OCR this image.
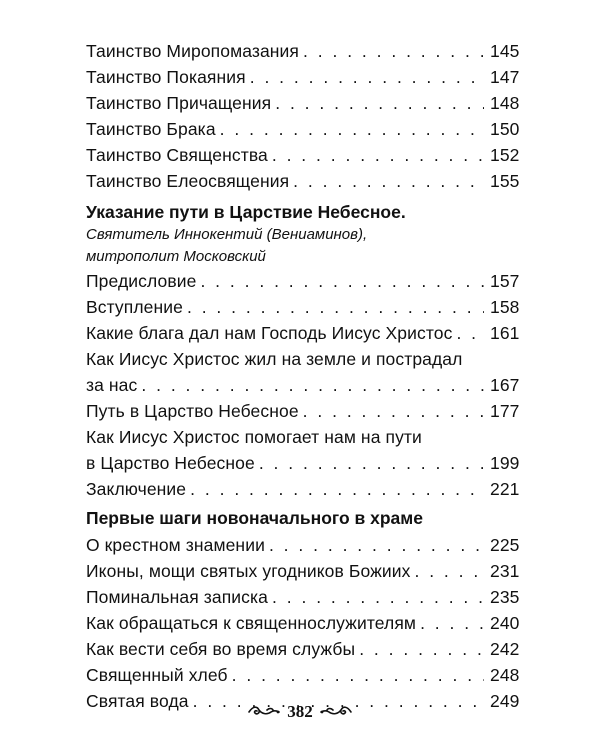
Таинство Миропомазания . . .	145
Таинство Покаяния . . .	147
Таинство Причащения . . .	148
Таинство Брака . . .	150
Таинство Священства . . .	152
Таинство Елеосвящения . . .	155
Указание пути в Царствие Небесное.
Святитель Иннокентий (Вениаминов),
митрополит Московский
Предисловие . . .	157
Вступление . . .	158
Какие блага дал нам Господь Иисус Христос . . . 161
Как Иисус Христос жил на земле и пострадал
за нас . . .	167
Путь в Царство Небесное . . .	177
Как Иисус Христос помогает нам на пути
в Царство Небесное . . .	199
Заключение . . .	221
Первые шаги новоначального в храме
О крестном знамении . . .	225
Иконы, мощи святых угодников Божиих . . .	231
Поминальная записка . . .	235
Как обращаться к священнослужителям . . .	240
Как вести себя во время службы . . .	242
Священный хлеб . . .	248
Святая вода . . .	249
382
